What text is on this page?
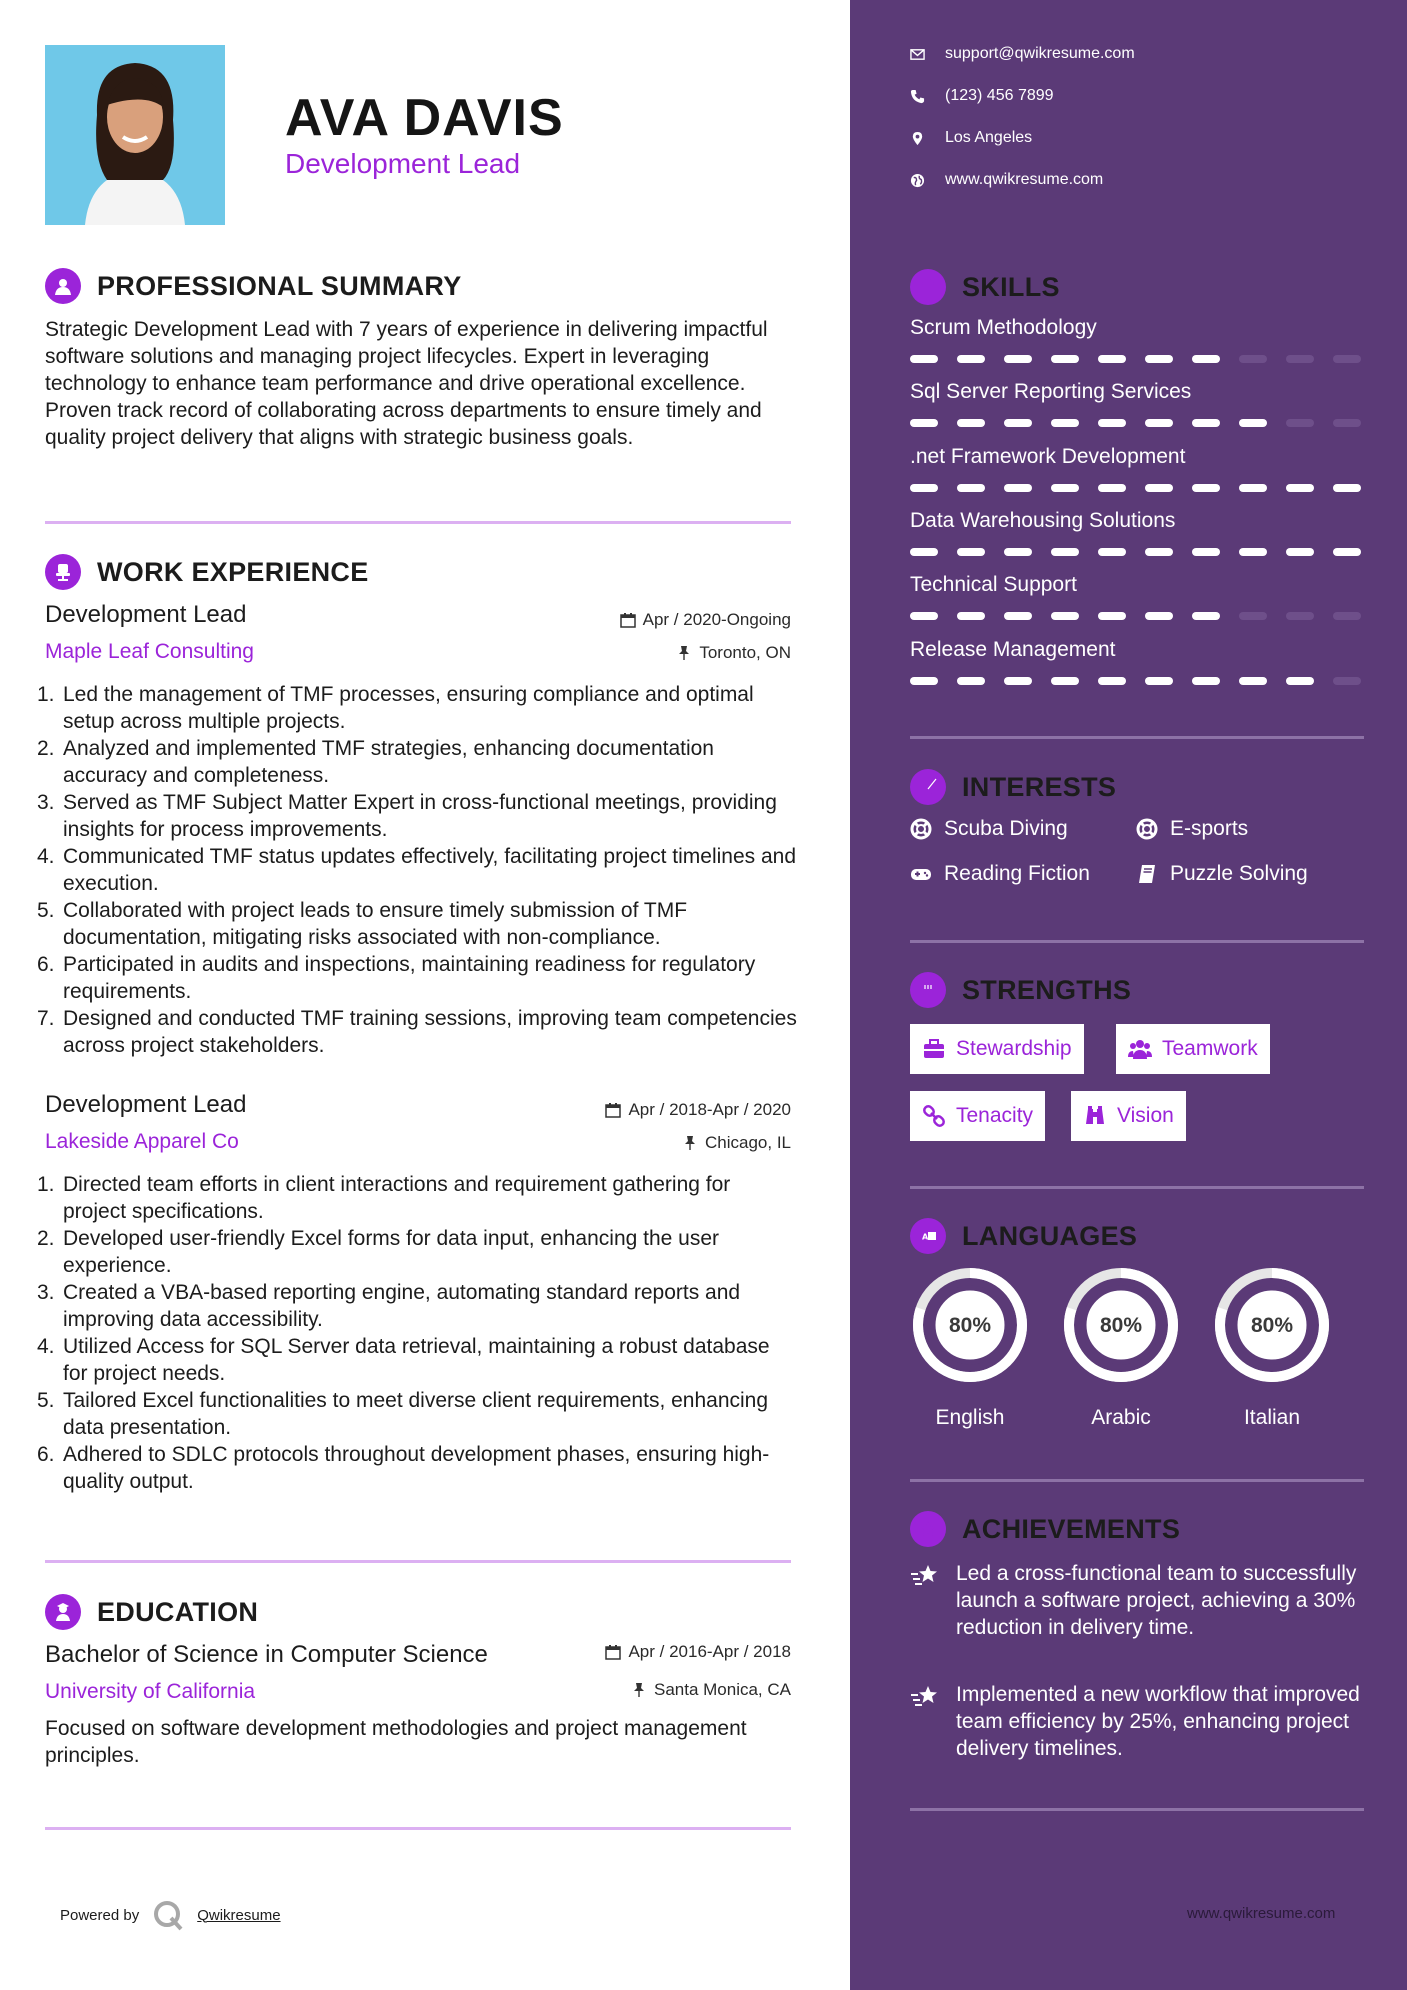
AVA DAVIS
Development Lead
PROFESSIONAL SUMMARY
Strategic Development Lead with 7 years of experience in delivering impactful software solutions and managing project lifecycles. Expert in leveraging technology to enhance team performance and drive operational excellence. Proven track record of collaborating across departments to ensure timely and quality project delivery that aligns with strategic business goals.
WORK EXPERIENCE
Development Lead	Apr / 2020-Ongoing
Maple Leaf Consulting	Toronto, ON
1. Led the management of TMF processes, ensuring compliance and optimal setup across multiple projects.
2. Analyzed and implemented TMF strategies, enhancing documentation accuracy and completeness.
3. Served as TMF Subject Matter Expert in cross-functional meetings, providing insights for process improvements.
4. Communicated TMF status updates effectively, facilitating project timelines and execution.
5. Collaborated with project leads to ensure timely submission of TMF documentation, mitigating risks associated with non-compliance.
6. Participated in audits and inspections, maintaining readiness for regulatory requirements.
7. Designed and conducted TMF training sessions, improving team competencies across project stakeholders.
Development Lead	Apr / 2018-Apr / 2020
Lakeside Apparel Co	Chicago, IL
1. Directed team efforts in client interactions and requirement gathering for project specifications.
2. Developed user-friendly Excel forms for data input, enhancing the user experience.
3. Created a VBA-based reporting engine, automating standard reports and improving data accessibility.
4. Utilized Access for SQL Server data retrieval, maintaining a robust database for project needs.
5. Tailored Excel functionalities to meet diverse client requirements, enhancing data presentation.
6. Adhered to SDLC protocols throughout development phases, ensuring high-quality output.
EDUCATION
Bachelor of Science in Computer Science	Apr / 2016-Apr / 2018
University of California	Santa Monica, CA
Focused on software development methodologies and project management principles.
Powered by	Qwikresume
support@qwikresume.com
(123) 456 7899
Los Angeles
www.qwikresume.com
SKILLS
Scrum Methodology
Sql Server Reporting Services
.net Framework Development
Data Warehousing Solutions
Technical Support
Release Management
INTERESTS
Scuba Diving	E-sports
Reading Fiction	Puzzle Solving
STRENGTHS
Stewardship	Teamwork
Tenacity	Vision
A LANGUAGES
80%
English
80%
Arabic
80%
Italian
ACHIEVEMENTS
Led a cross-functional team to successfully launch a software project, achieving a 30% reduction in delivery time.
Implemented a new workflow that improved team efficiency by 25%, enhancing project delivery timelines.
www.qwikresume.com
